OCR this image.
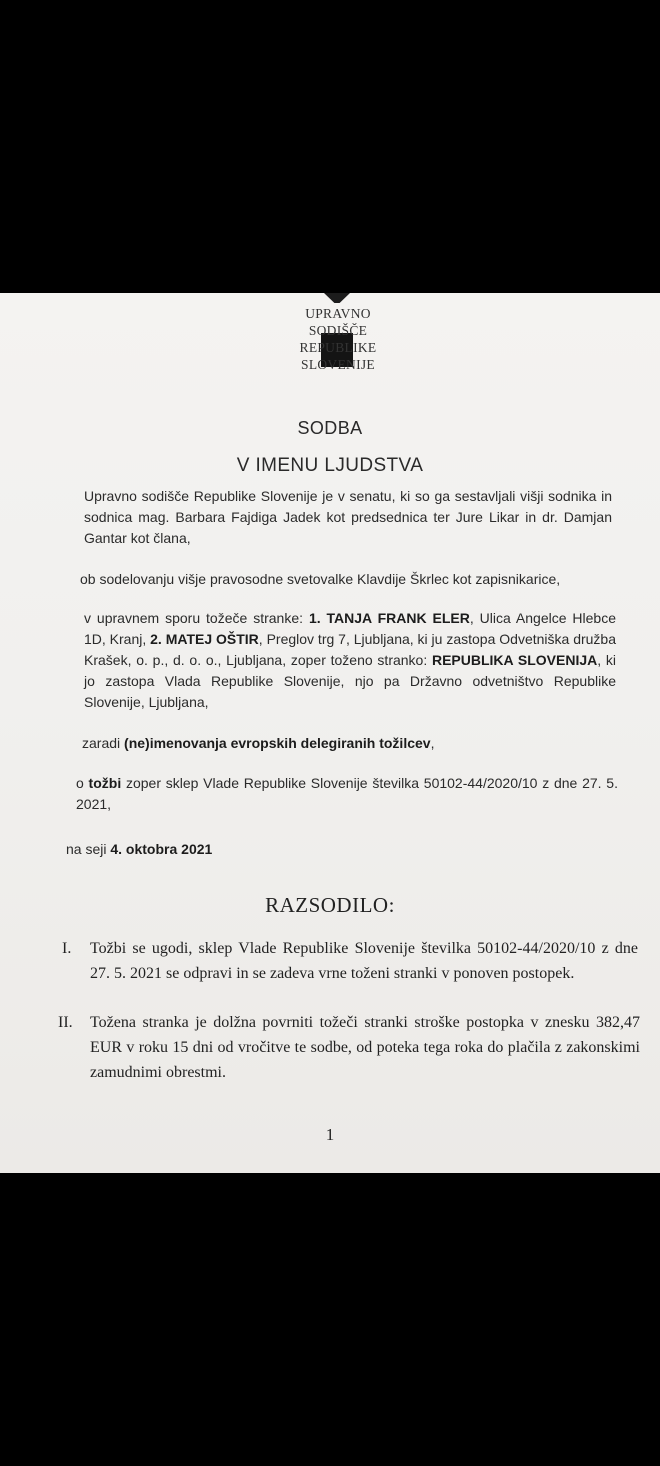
UPRAVNO SODIŠČE
REPUBLIKE SLOVENIJE
SODBA
V IMENU LJUDSTVA
Upravno sodišče Republike Slovenije je v senatu, ki so ga sestavljali višji sodnika in sodnica mag. Barbara Fajdiga Jadek kot predsednica ter Jure Likar in dr. Damjan Gantar kot člana,
ob sodelovanju višje pravosodne svetovalke Klavdije Škrlec kot zapisnikarice,
v upravnem sporu tožeče stranke: 1. TANJA FRANK ELER, Ulica Angelce Hlebce 1D, Kranj, 2. MATEJ OŠTIR, Preglov trg 7, Ljubljana, ki ju zastopa Odvetniška družba Krašek, o. p., d. o. o., Ljubljana, zoper toženo stranko: REPUBLIKA SLOVENIJA, ki jo zastopa Vlada Republike Slovenije, njo pa Državno odvetništvo Republike Slovenije, Ljubljana,
zaradi (ne)imenovanja evropskih delegiranih tožilcev,
o tožbi zoper sklep Vlade Republike Slovenije številka 50102-44/2020/10 z dne 27. 5. 2021,
na seji 4. oktobra 2021
RAZSODILO:
I. Tožbi se ugodi, sklep Vlade Republike Slovenije številka 50102-44/2020/10 z dne 27. 5. 2021 se odpravi in se zadeva vrne toženi stranki v ponoven postopek.
II. Tožena stranka je dolžna povrniti tožeči stranki stroške postopka v znesku 382,47 EUR v roku 15 dni od vročitve te sodbe, od poteka tega roka do plačila z zakonskimi zamudnimi obrestmi.
1
